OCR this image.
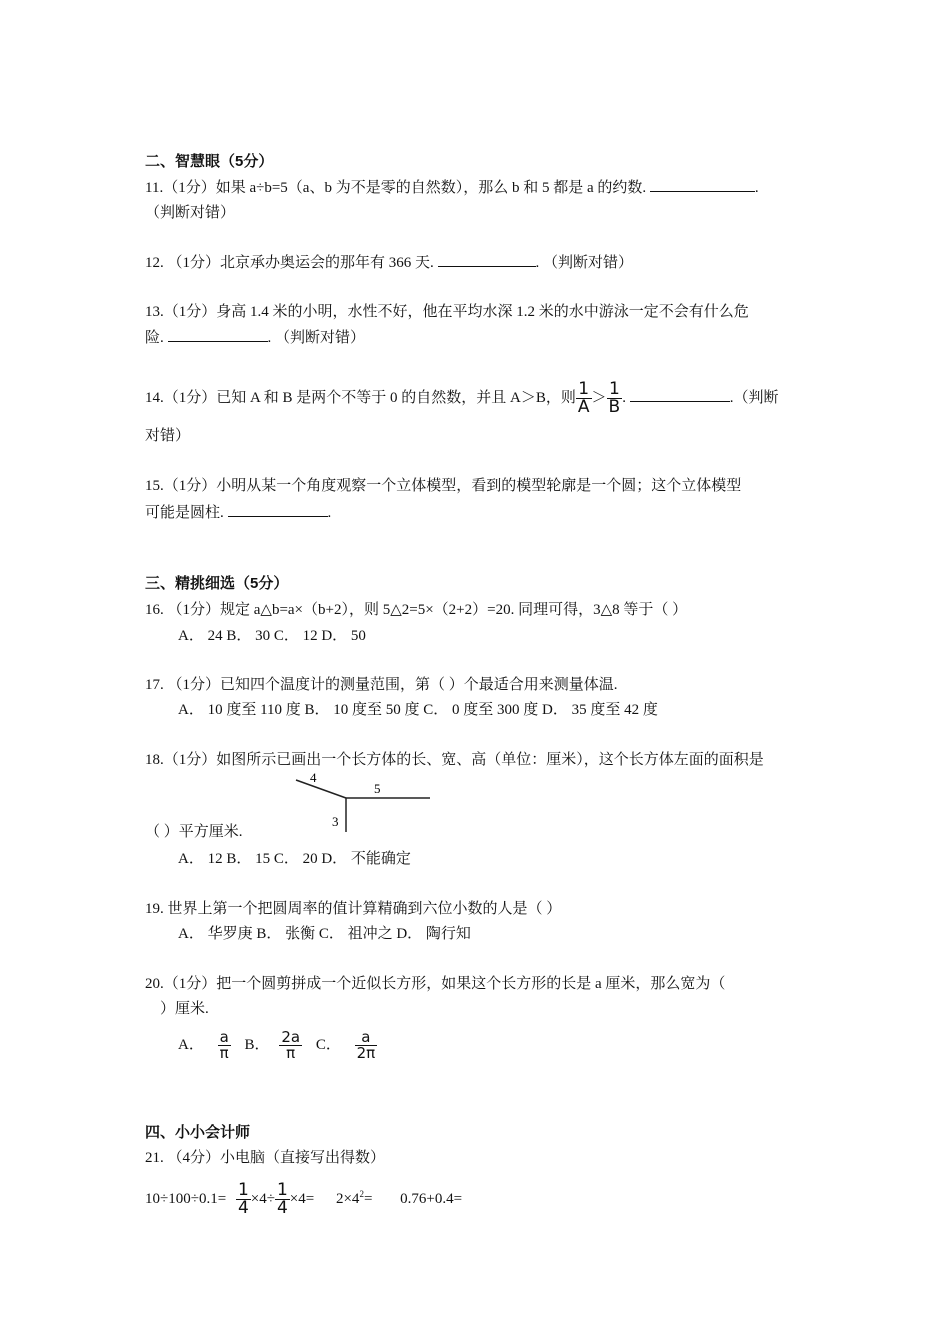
二、智慧眼（5分）
11.（1分）如果 a÷b=5（a、b 为不是零的自然数），那么 b 和 5 都是 a 的约数.	.
（判断对错）
12. （1分）北京承办奥运会的那年有 366 天.	. （判断对错）
13.（1分）身高 1.4 米的小明，水性不好，他在平均水深 1.2 米的水中游泳一定不会有什么危
险.	. （判断对错）
14.（1分）已知 A 和 B 是两个不等于 0 的自然数，并且 A＞B，则 $\frac{1}{A} > \frac{1}{B}$ .	.（判断
对错）
15.（1分）小明从某一个角度观察一个立体模型，看到的模型轮廓是一个圆；这个立体模型
可能是圆柱.	.
三、精挑细选（5分）
16. （1分）规定 a△b=a×（b+2），则 5△2=5×（2+2）=20. 同理可得，3△8 等于（ ）
A． 24 B． 30 C． 12 D． 50
17. （1分）已知四个温度计的测量范围，第（ ）个最适合用来测量体温.
A． 10 度至 110 度 B． 10 度至 50 度 C． 0 度至 300 度 D． 35 度至 42 度
18.（1分）如图所示已画出一个长方体的长、宽、高（单位：厘米），这个长方体左面的面积是
4
5
3
（ ）平方厘米.
A． 12 B． 15 C． 20 D． 不能确定
19. 世界上第一个把圆周率的值计算精确到六位小数的人是（ ）
A． 华罗庚 B． 张衡 C． 祖冲之 D． 陶行知
20.（1分）把一个圆剪拼成一个近似长方形，如果这个长方形的长是 a 厘米，那么宽为（
）厘米.
A． $\frac{a}{\pi}$ B． $\frac{2a}{\pi}$ C． $\frac{a}{2\pi}$
四、小小会计师
21. （4分）小电脑（直接写出得数）
$10\div 100\div 0.1= \frac{1}{4} \times 4\div \frac{1}{4} \times 4= 2\times 4^2= 0.76+0.4=$
